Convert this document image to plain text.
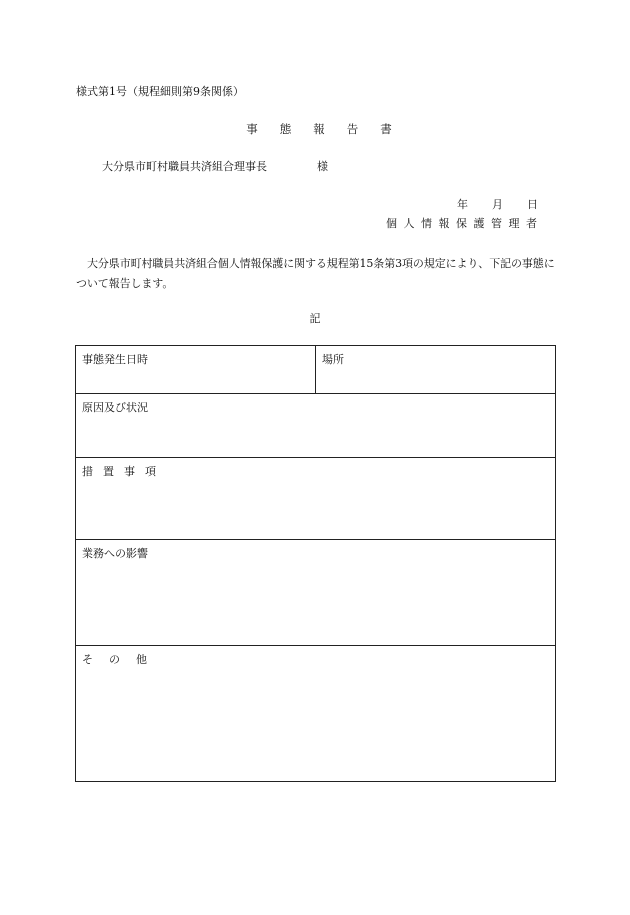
様式第1号（規程細則第9条関係）
事態報告書
大分県市町村職員共済組合理事長	様
年 月 日
個人情報保護管理者
大分県市町村職員共済組合個人情報保護に関する規程第15条第3項の規定により、下記の事態について報告します。
記
事態発生日時	場所
原因及び状況
措置事項
業務への影響
その他
